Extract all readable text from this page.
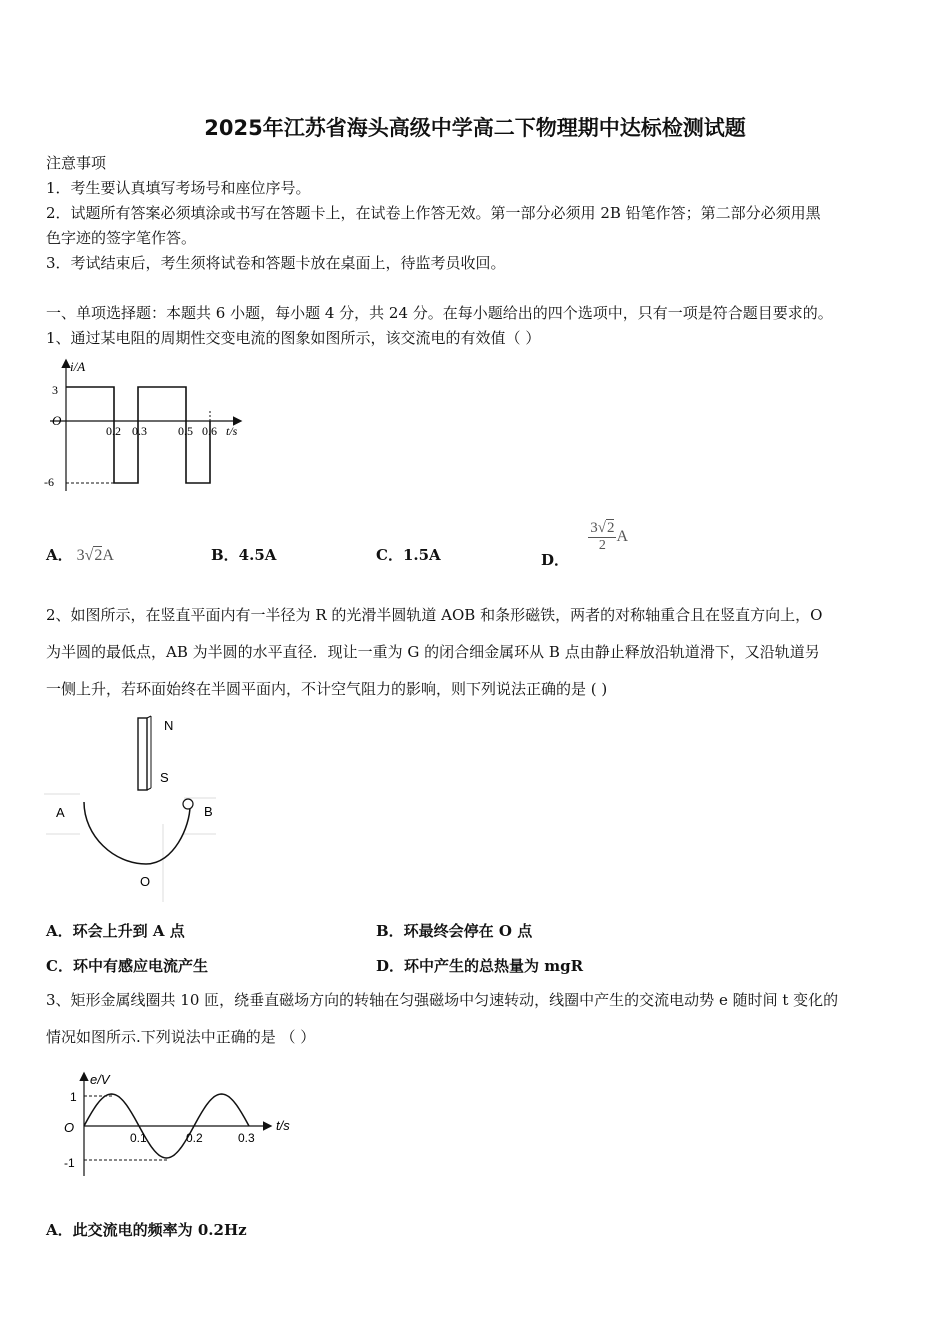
2025年江苏省海头高级中学高二下物理期中达标检测试题
注意事项
1．考生要认真填写考场号和座位序号。
2．试题所有答案必须填涂或书写在答题卡上，在试卷上作答无效。第一部分必须用 2B 铅笔作答；第二部分必须用黑
色字迹的签字笔作答。
3．考试结束后，考生须将试卷和答题卡放在桌面上，待监考员收回。
一、单项选择题：本题共 6 小题，每小题 4 分，共 24 分。在每小题给出的四个选项中，只有一项是符合题目要求的。
1、通过某电阻的周期性交变电流的图象如图所示，该交流电的有效值（ ）
i/A
O
3
-6
0.2 0.3	0.5 0.6 t/s
A． 3√2A	B．4.5A	C．1.5A	D．
$\frac{3√2}{2}$ A
2、如图所示，在竖直平面内有一半径为 R 的光滑半圆轨道 AOB 和条形磁铁，两者的对称轴重合且在竖直方向上，O
为半圆的最低点，AB 为半圆的水平直径．现让一重为 G 的闭合细金属环从 B 点由静止释放沿轨道滑下，又沿轨道另
一侧上升，若环面始终在半圆平面内，不计空气阻力的影响，则下列说法正确的是 ( )
N
S
A	B
O
A．环会上升到 A 点	B．环最终会停在 O 点
C．环中有感应电流产生	D．环中产生的总热量为 mgR
3、矩形金属线圈共 10 匝，绕垂直磁场方向的转轴在匀强磁场中匀速转动，线圈中产生的交流电动势 e 随时间 t 变化的
情况如图所示.下列说法中正确的是 （ ）
e/V
O
1
-1
0.1	0.2	0.3
t/s
A．此交流电的频率为 0.2Hz
